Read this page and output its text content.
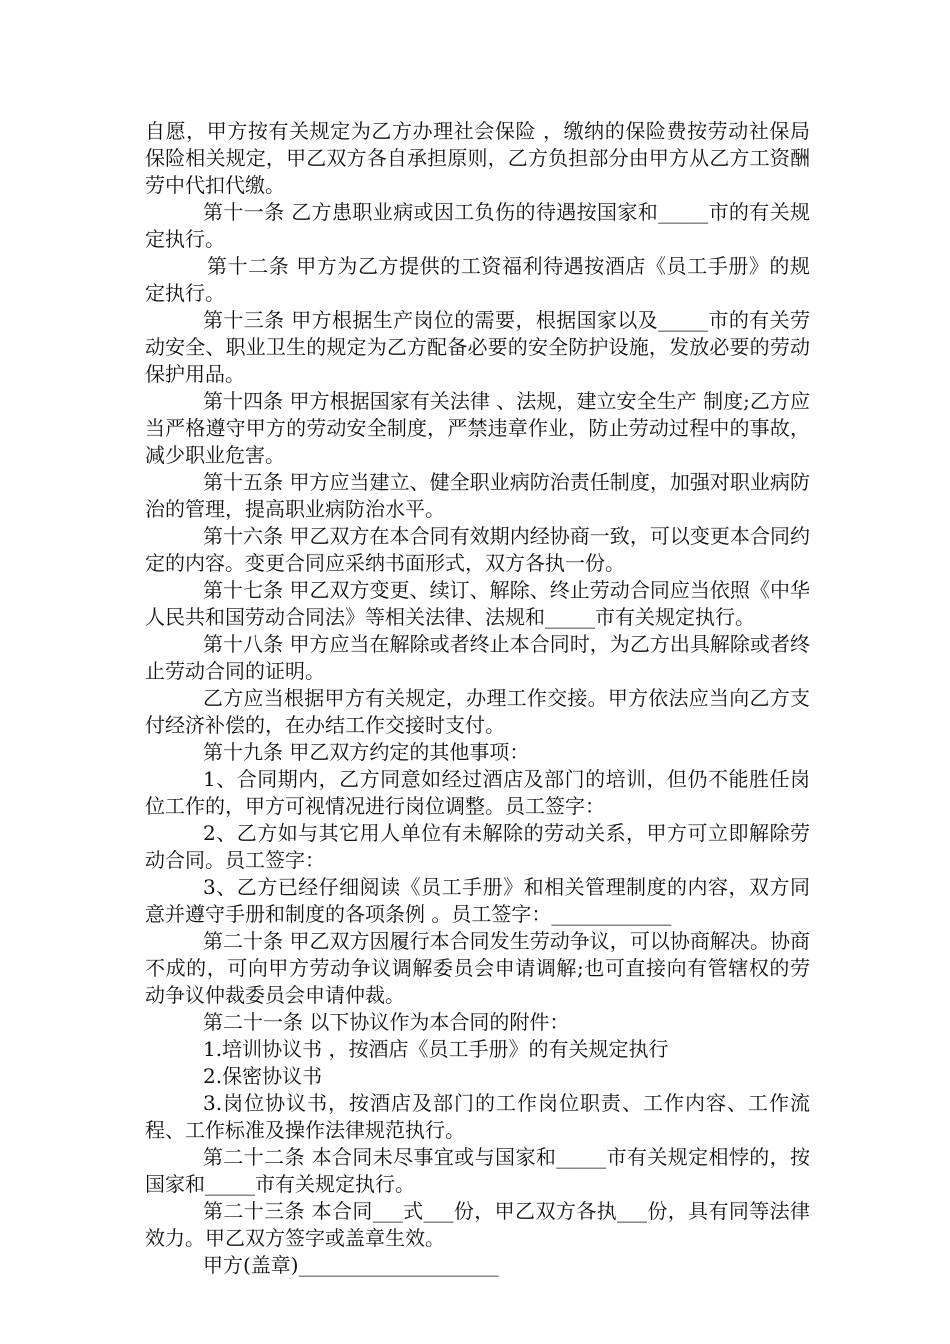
自愿，甲方按有关规定为乙方办理社会保险 ，缴纳的保险费按劳动社保局保险相关规定，甲乙双方各自承担原则，乙方负担部分由甲方从乙方工资酬劳中代扣代缴。

第十一条 乙方患职业病或因工负伤的待遇按国家和_____市的有关规定执行。

第十二条 甲方为乙方提供的工资福利待遇按酒店《员工手册》的规定执行。

第十三条 甲方根据生产岗位的需要，根据国家以及_____市的有关劳动安全、职业卫生的规定为乙方配备必要的安全防护设施，发放必要的劳动保护用品。

第十四条 甲方根据国家有关法律 、法规，建立安全生产 制度;乙方应当严格遵守甲方的劳动安全制度，严禁违章作业，防止劳动过程中的事故，减少职业危害。

第十五条 甲方应当建立、健全职业病防治责任制度，加强对职业病防治的管理，提高职业病防治水平。

第十六条 甲乙双方在本合同有效期内经协商一致，可以变更本合同约定的内容。变更合同应采纳书面形式，双方各执一份。

第十七条 甲乙双方变更、续订、解除、终止劳动合同应当依照《中华人民共和国劳动合同法》等相关法律、法规和_____市有关规定执行。

第十八条 甲方应当在解除或者终止本合同时，为乙方出具解除或者终止劳动合同的证明。

乙方应当根据甲方有关规定，办理工作交接。甲方依法应当向乙方支付经济补偿的，在办结工作交接时支付。

第十九条 甲乙双方约定的其他事项：

1、合同期内，乙方同意如经过酒店及部门的培训，但仍不能胜任岗位工作的，甲方可视情况进行岗位调整。员工签字：

2、乙方如与其它用人单位有未解除的劳动关系，甲方可立即解除劳动合同。员工签字：

3、乙方已经仔细阅读《员工手册》和相关管理制度的内容，双方同意并遵守手册和制度的各项条例 。员工签字：____________

第二十条 甲乙双方因履行本合同发生劳动争议，可以协商解决。协商不成的，可向甲方劳动争议调解委员会申请调解;也可直接向有管辖权的劳动争议仲裁委员会申请仲裁。

第二十一条 以下协议作为本合同的附件：

1.培训协议书 ，按酒店《员工手册》的有关规定执行

2.保密协议书

3.岗位协议书，按酒店及部门的工作岗位职责、工作内容、工作流程、工作标准及操作法律规范执行。

第二十二条 本合同未尽事宜或与国家和_____市有关规定相悖的，按国家和_____市有关规定执行。

第二十三条 本合同___式___份，甲乙双方各执___份，具有同等法律效力。甲乙双方签字或盖章生效。

甲方(盖章)____________________
